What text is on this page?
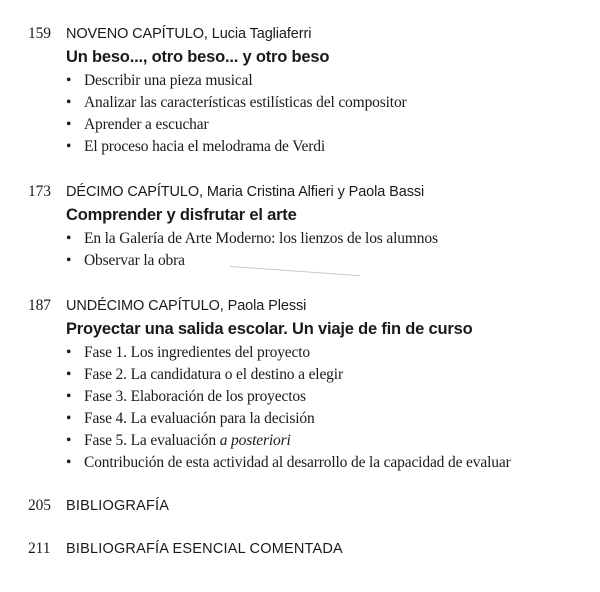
159 NOVENO CAPÍTULO, Lucia Tagliaferri
Un beso..., otro beso... y otro beso
• Describir una pieza musical
• Analizar las características estilísticas del compositor
• Aprender a escuchar
• El proceso hacia el melodrama de Verdi
173 DÉCIMO CAPÍTULO, Maria Cristina Alfieri y Paola Bassi
Comprender y disfrutar el arte
• En la Galería de Arte Moderno: los lienzos de los alumnos
• Observar la obra
187 UNDÉCIMO CAPÍTULO, Paola Plessi
Proyectar una salida escolar. Un viaje de fin de curso
• Fase 1. Los ingredientes del proyecto
• Fase 2. La candidatura o el destino a elegir
• Fase 3. Elaboración de los proyectos
• Fase 4. La evaluación para la decisión
• Fase 5. La evaluación a posteriori
• Contribución de esta actividad al desarrollo de la capacidad de evaluar
205 BIBLIOGRAFÍA
211 BIBLIOGRAFÍA ESENCIAL COMENTADA
